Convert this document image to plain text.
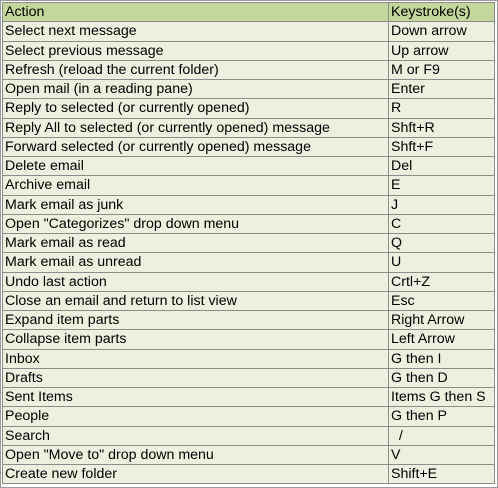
Action	Keystroke(s)
Select next message	Down arrow
Select previous message	Up arrow
Refresh (reload the current folder)	M or F9
Open mail (in a reading pane)	Enter
Reply to selected (or currently opened)	R
Reply All to selected (or currently opened) message	Shft+R
Forward selected (or currently opened) message	Shft+F
Delete email	Del
Archive email	E
Mark email as junk	J
Open "Categorizes" drop down menu	C
Mark email as read	Q
Mark email as unread	U
Undo last action	Crtl+Z
Close an email and return to list view	Esc
Expand item parts	Right Arrow
Collapse item parts	Left Arrow
Inbox	G then I
Drafts	G then D
Sent Items	Items G then S
People	G then P
Search	/
Open "Move to" drop down menu	V
Create new folder	Shift+E
